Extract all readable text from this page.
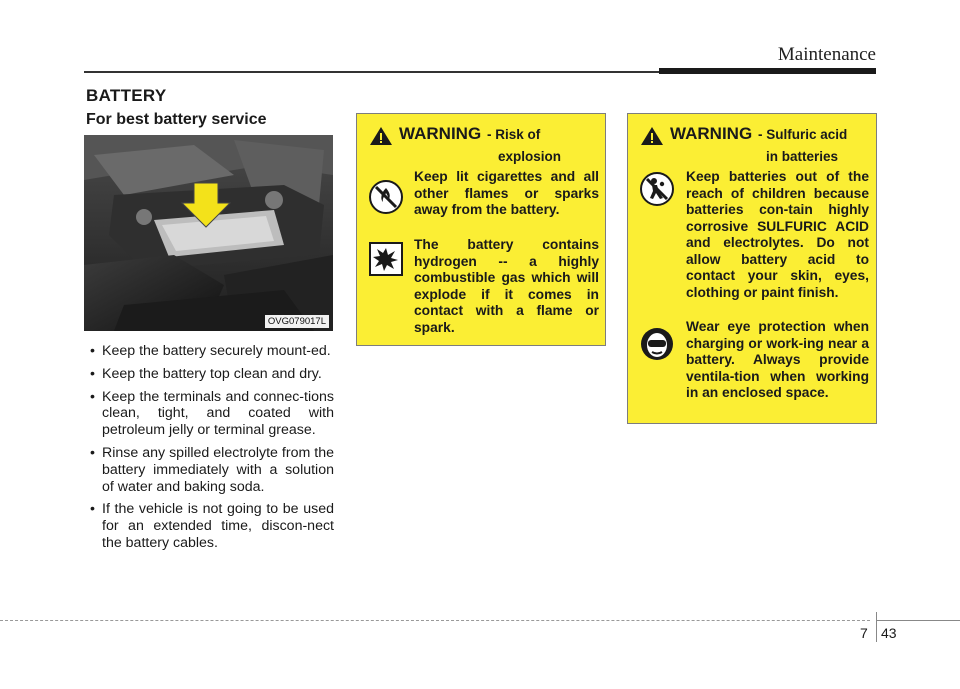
Maintenance
BATTERY
For best battery service
OVG079017L
• Keep the battery securely mount-ed.
• Keep the battery top clean and dry.
• Keep the terminals and connec-tions clean, tight, and coated with petroleum jelly or terminal grease.
• Rinse any spilled electrolyte from the battery immediately with a solution of water and baking soda.
• If the vehicle is not going to be used for an extended time, discon-nect the battery cables.
WARNING - Risk of
explosion

Keep lit cigarettes and all other flames or sparks away from the battery.

The battery contains hydrogen -- a highly combustible gas which will explode if it comes in contact with a flame or spark.

WARNING - Sulfuric acid
in batteries

Keep batteries out of the reach of children because batteries con-tain highly corrosive SULFURIC ACID and electrolytes. Do not allow battery acid to contact your skin, eyes, clothing or paint finish.

Wear eye protection when charging or work-ing near a battery. Always provide ventila-tion when working in an enclosed space.

7 43
